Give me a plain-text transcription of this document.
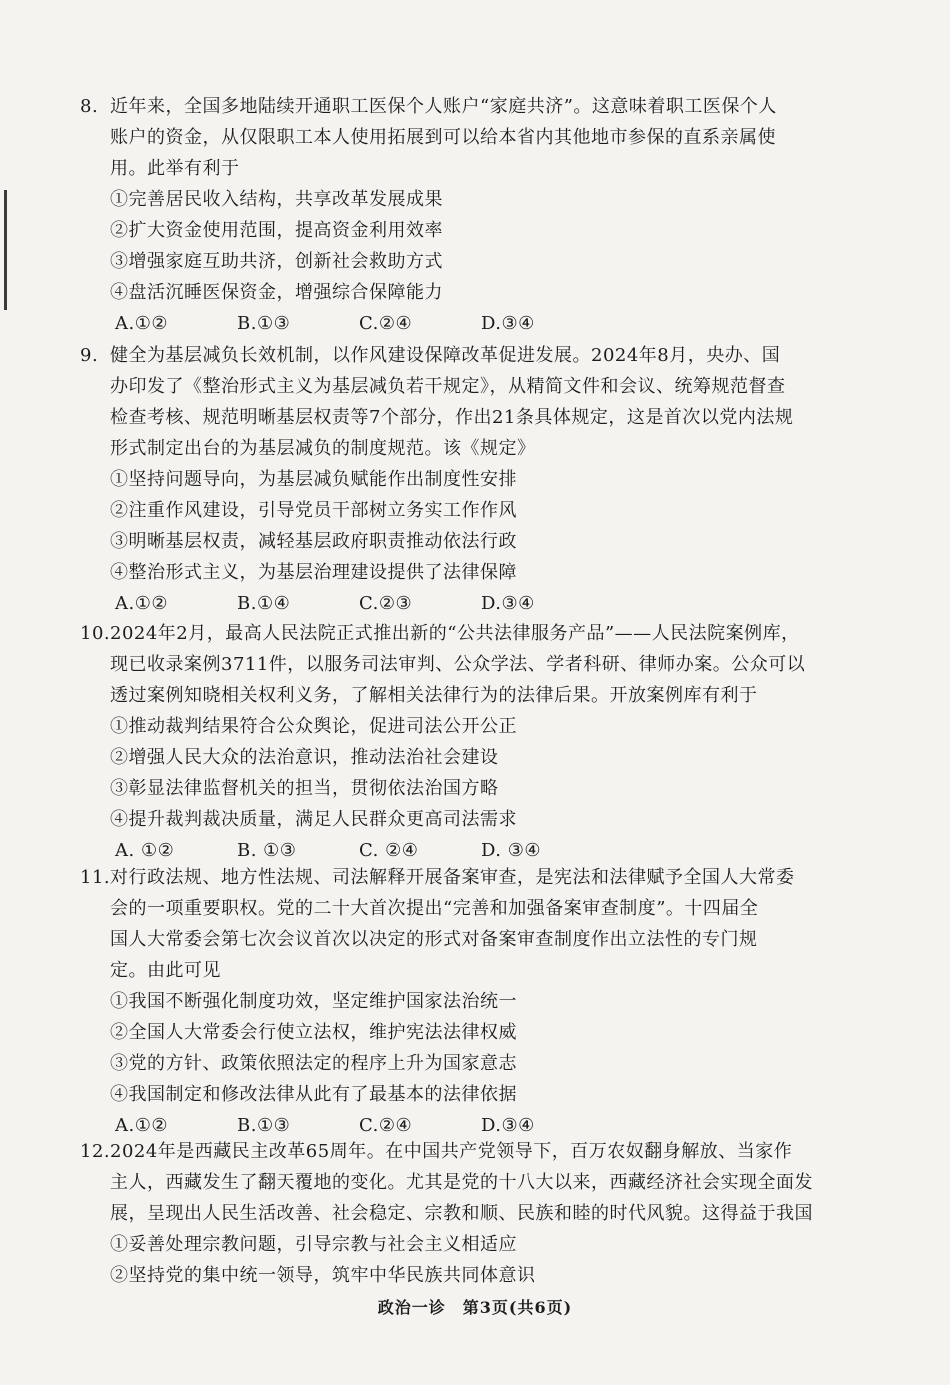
8. 近年来，全国多地陆续开通职工医保个人账户“家庭共济”。这意味着职工医保个人
账户的资金，从仅限职工本人使用拓展到可以给本省内其他地市参保的直系亲属使
用。此举有利于
①完善居民收入结构，共享改革发展成果
②扩大资金使用范围，提高资金利用效率
③增强家庭互助共济，创新社会救助方式
④盘活沉睡医保资金，增强综合保障能力
A.①②	B.①③	C.②④	D.③④
9. 健全为基层减负长效机制，以作风建设保障改革促进发展。2024年8月，央办、国
办印发了《整治形式主义为基层减负若干规定》，从精简文件和会议、统筹规范督查
检查考核、规范明晰基层权责等7个部分，作出21条具体规定，这是首次以党内法规
形式制定出台的为基层减负的制度规范。该《规定》
①坚持问题导向，为基层减负赋能作出制度性安排
②注重作风建设，引导党员干部树立务实工作作风
③明晰基层权责，减轻基层政府职责推动依法行政
④整治形式主义，为基层治理建设提供了法律保障
A.①②	B.①④	C.②③	D.③④
10. 2024年2月，最高人民法院正式推出新的“公共法律服务产品”——人民法院案例库，
现已收录案例3711件，以服务司法审判、公众学法、学者科研、律师办案。公众可以
透过案例知晓相关权利义务，了解相关法律行为的法律后果。开放案例库有利于
①推动裁判结果符合公众舆论，促进司法公开公正
②增强人民大众的法治意识，推动法治社会建设
③彰显法律监督机关的担当，贯彻依法治国方略
④提升裁判裁决质量，满足人民群众更高司法需求
A. ①②	B. ①③	C. ②④	D. ③④
11. 对行政法规、地方性法规、司法解释开展备案审查，是宪法和法律赋予全国人大常委
会的一项重要职权。党的二十大首次提出“完善和加强备案审查制度”。十四届全
国人大常委会第七次会议首次以决定的形式对备案审查制度作出立法性的专门规
定。由此可见
①我国不断强化制度功效，坚定维护国家法治统一
②全国人大常委会行使立法权，维护宪法法律权威
③党的方针、政策依照法定的程序上升为国家意志
④我国制定和修改法律从此有了最基本的法律依据
A.①②	B.①③	C.②④	D.③④
12. 2024年是西藏民主改革65周年。在中国共产党领导下，百万农奴翻身解放、当家作
主人，西藏发生了翻天覆地的变化。尤其是党的十八大以来，西藏经济社会实现全面发
展，呈现出人民生活改善、社会稳定、宗教和顺、民族和睦的时代风貌。这得益于我国
①妥善处理宗教问题，引导宗教与社会主义相适应
②坚持党的集中统一领导，筑牢中华民族共同体意识
政治一诊　第3页(共6页)
